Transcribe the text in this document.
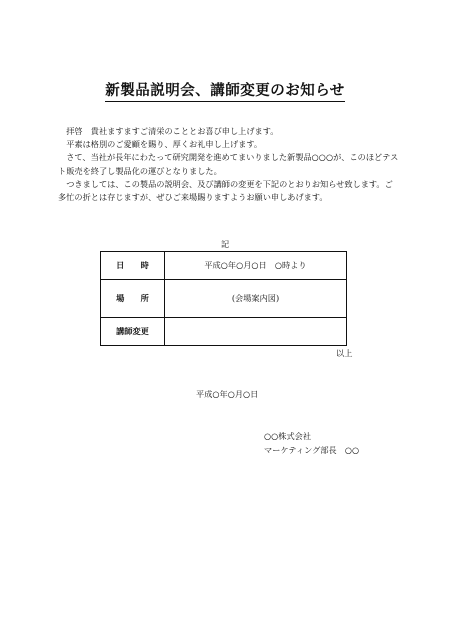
新製品説明会、講師変更のお知らせ

拝啓　貴社ますますご清栄のこととお喜び申し上げます。

平素は格別のご愛顧を賜り、厚くお礼申し上げます。

さて、当社が長年にわたって研究開発を進めてまいりました新製品○○○が、このほどテスト販売を終了し製品化の運びとなりました。

つきましては、この製品の説明会、及び講師の変更を下記のとおりお知らせ致します。ご多忙の折とは存じますが、ぜひご来場賜りますようお願い申しあげます。

記
日　　時	平成○年○月○日　○時より
場　　所	(会場案内図)
講師変更	
以上
平成○年○月○日
○○株式会社
マーケティング部長　○○
